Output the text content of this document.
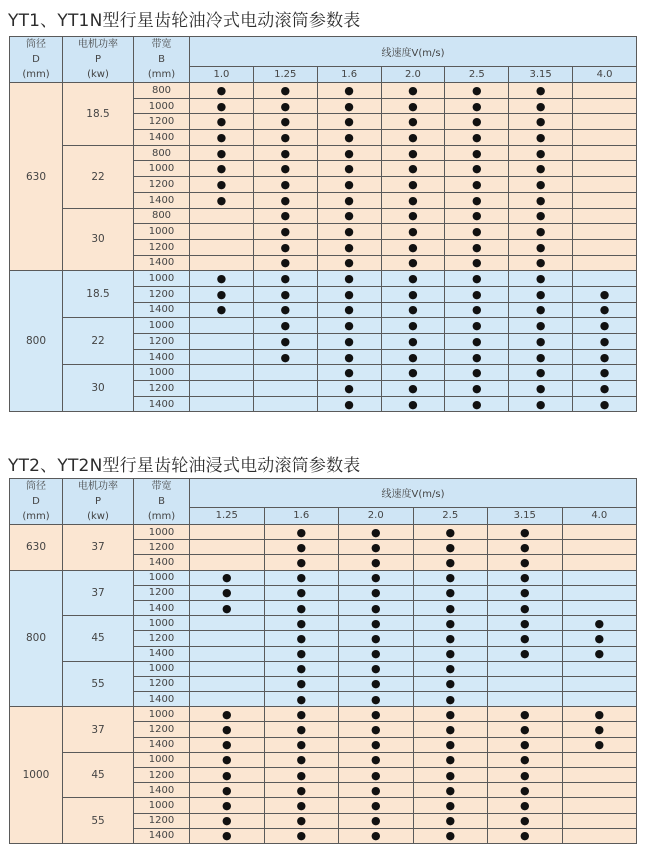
YT1、YT1N型行星齿轮油冷式电动滚筒参数表
筒径
D
(mm)	电机功率
P
(kw)	带宽
B
(mm)	线速度V(m/s)						
			1.0	1.25	1.6	2.0	2.5	3.15	4.0
630	18.5	800	●	●	●	●	●	●	
		1000	●	●	●	●	●	●	
		1200	●	●	●	●	●	●	
		1400	●	●	●	●	●	●	
	22	800	●	●	●	●	●	●	
		1000	●	●	●	●	●	●	
		1200	●	●	●	●	●	●	
		1400	●	●	●	●	●	●	
	30	800		●	●	●	●	●	
		1000		●	●	●	●	●	
		1200		●	●	●	●	●	
		1400		●	●	●	●	●	
800	18.5	1000	●	●	●	●	●	●	
		1200	●	●	●	●	●	●	●
		1400	●	●	●	●	●	●	●
	22	1000		●	●	●	●	●	●
		1200		●	●	●	●	●	●
		1400		●	●	●	●	●	●
	30	1000			●	●	●	●	●
		1200			●	●	●	●	●
		1400			●	●	●	●	●
YT2、YT2N型行星齿轮油浸式电动滚筒参数表
筒径
D
(mm)	电机功率
P
(kw)	带宽
B
(mm)	线速度V(m/s)					
			1.25	1.6	2.0	2.5	3.15	4.0
630	37	1000		●	●	●	●	
		1200		●	●	●	●	
		1400		●	●	●	●	
800	37	1000	●	●	●	●	●	
		1200	●	●	●	●	●	
		1400	●	●	●	●	●	
	45	1000		●	●	●	●	●
		1200		●	●	●	●	●
		1400		●	●	●	●	●
	55	1000		●	●	●		
		1200		●	●	●		
		1400		●	●	●		
1000	37	1000	●	●	●	●	●	●
		1200	●	●	●	●	●	●
		1400	●	●	●	●	●	●
	45	1000	●	●	●	●	●	
		1200	●	●	●	●	●	
		1400	●	●	●	●	●	
	55	1000	●	●	●	●	●	
		1200	●	●	●	●	●	
		1400	●	●	●	●	●	
